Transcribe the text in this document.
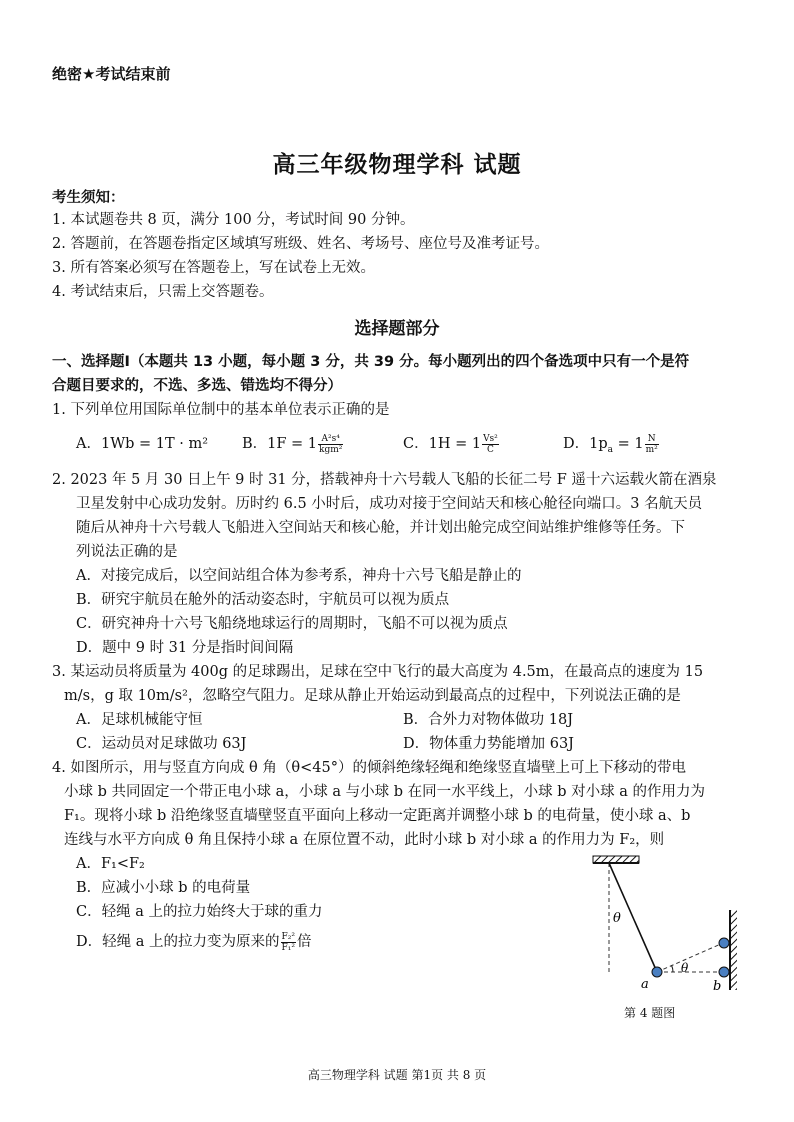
绝密★考试结束前
高三年级物理学科 试题
考生须知：
1. 本试题卷共 8 页，满分 100 分，考试时间 90 分钟。
2. 答题前，在答题卷指定区域填写班级、姓名、考场号、座位号及准考证号。
3. 所有答案必须写在答题卷上，写在试卷上无效。
4. 考试结束后，只需上交答题卷。
选择题部分
一、选择题Ⅰ（本题共 13 小题，每小题 3 分，共 39 分。每小题列出的四个备选项中只有一个是符
合题目要求的，不选、多选、错选均不得分）
1. 下列单位用国际单位制中的基本单位表示正确的是
A．1Wb = 1T · m² B．$1F = 1 \frac{\text{A²s⁴}}{\text{kgm²}}$	C．$1H = 1 \frac{\text{Vs²}}{C}$	D．$1p_a = 1 \frac{N}{\text{m²}}$
2. 2023 年 5 月 30 日上午 9 时 31 分，搭载神舟十六号载人飞船的长征二号 F 遥十六运载火箭在酒泉
卫星发射中心成功发射。历时约 6.5 小时后，成功对接于空间站天和核心舱径向端口。3 名航天员
随后从神舟十六号载人飞船进入空间站天和核心舱，并计划出舱完成空间站维护维修等任务。下
列说法正确的是
A．对接完成后，以空间站组合体为参考系，神舟十六号飞船是静止的
B．研究宇航员在舱外的活动姿态时，宇航员可以视为质点
C．研究神舟十六号飞船绕地球运行的周期时，飞船不可以视为质点
D．题中 9 时 31 分是指时间间隔
3. 某运动员将质量为 400g 的足球踢出，足球在空中飞行的最大高度为 4.5m，在最高点的速度为 15
m/s，g 取 10m/s²，忽略空气阻力。足球从静止开始运动到最高点的过程中，下列说法正确的是
A．足球机械能守恒	B．合外力对物体做功 18J
C．运动员对足球做功 63J	D．物体重力势能增加 63J
4. 如图所示，用与竖直方向成 θ 角（θ<45°）的倾斜绝缘轻绳和绝缘竖直墙壁上可上下移动的带电
小球 b 共同固定一个带正电小球 a，小球 a 与小球 b 在同一水平线上，小球 b 对小球 a 的作用力为
F₁。现将小球 b 沿绝缘竖直墙壁竖直平面向上移动一定距离并调整小球 b 的电荷量，使小球 a、b
连线与水平方向成 θ 角且保持小球 a 在原位置不动，此时小球 b 对小球 a 的作用力为 F₂，则
A．F₁<F₂
B．应减小小球 b 的电荷量
C．轻绳 a 上的拉力始终大于球的重力
D．轻绳 a 上的拉力变为原来的 $\frac{\text{F₂²}}{\text{F₁²}}$ 倍
θ
θ
a	b
第 4 题图
高三物理学科 试题 第1页 共 8 页
